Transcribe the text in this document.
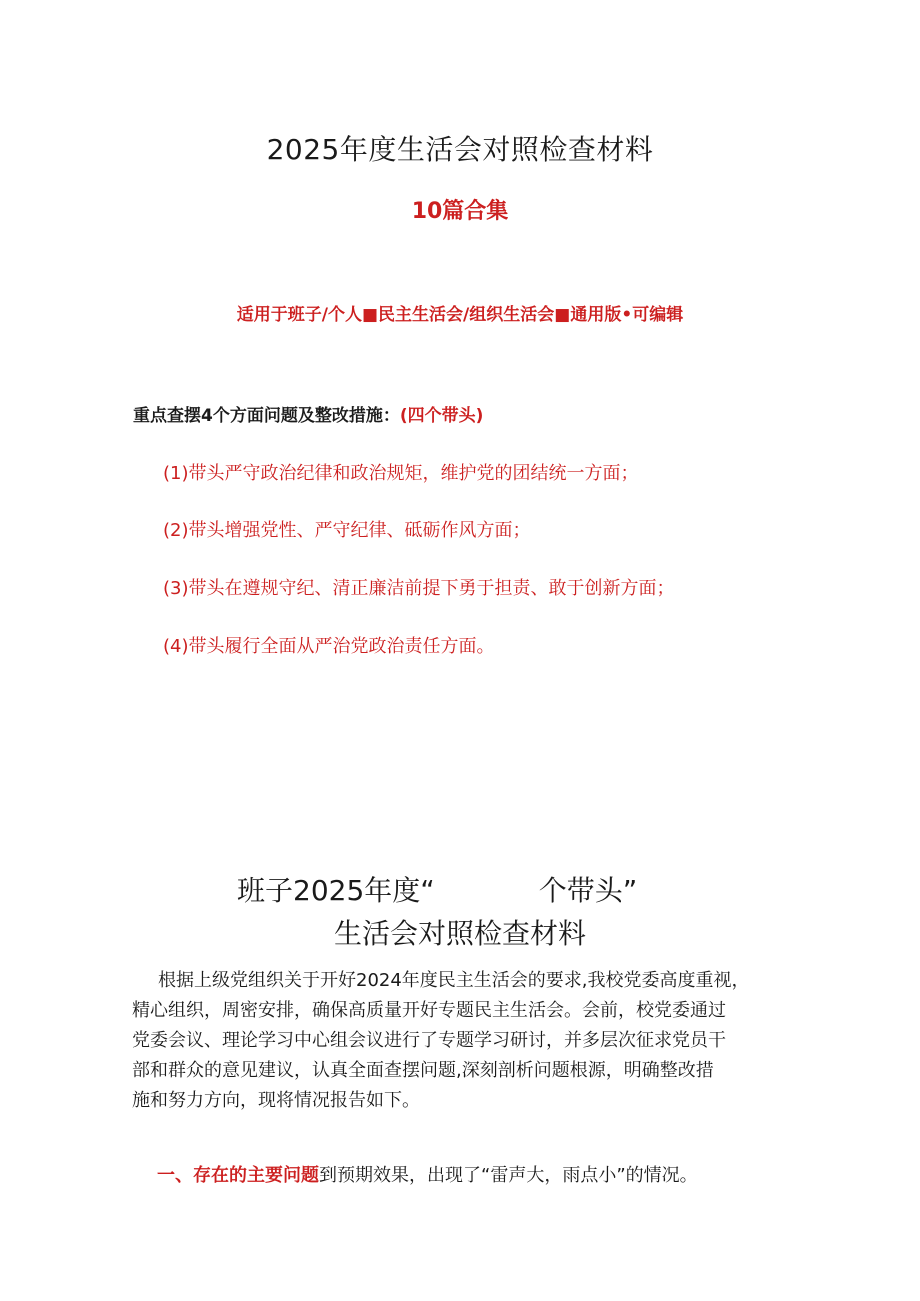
2025年度生活会对照检查材料
10篇合集
适用于班子/个人■民主生活会/组织生活会■通用版•可编辑
重点查摆4个方面问题及整改措施：(四个带头)
(1)带头严守政治纪律和政治规矩，维护党的团结统一方面；
(2)带头增强党性、严守纪律、砥砺作风方面；
(3)带头在遵规守纪、清正廉洁前提下勇于担责、敢于创新方面；
(4)带头履行全面从严治党政治责任方面。
班子2025年度“	个带头”
生活会对照检查材料
根据上级党组织关于开好2024年度民主生活会的要求,我校党委高度重视，
精心组织，周密安排，确保高质量开好专题民主生活会。会前，校党委通过
党委会议、理论学习中心组会议进行了专题学习研讨，并多层次征求党员干
部和群众的意见建议，认真全面查摆问题,深刻剖析问题根源，明确整改措
施和努力方向，现将情况报告如下。
一、存在的主要问题到预期效果，出现了“雷声大，雨点小”的情况。
